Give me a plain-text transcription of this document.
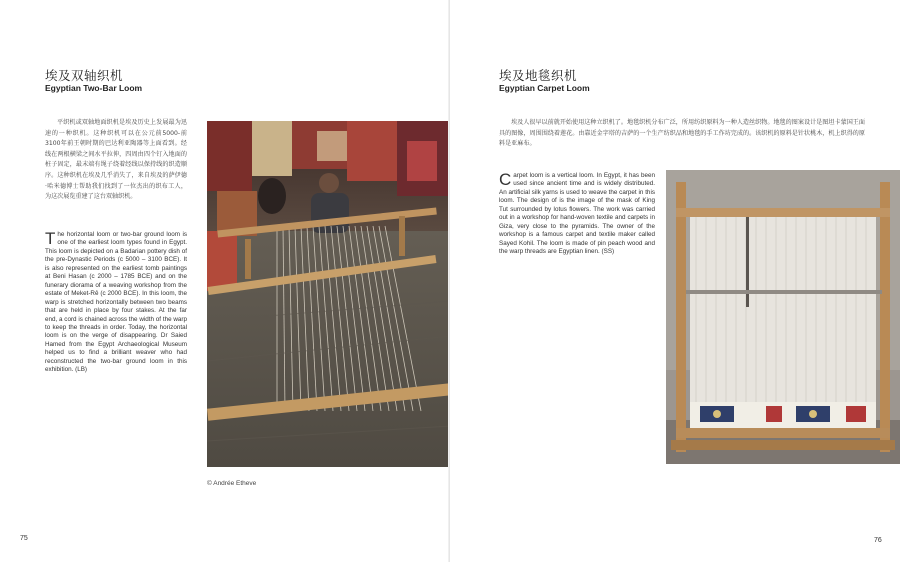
埃及双轴织机
Egyptian Two-Bar Loom

平织机或双轴地面织机是埃及历史上发展最为迅速的一种织机。这种织机可以在公元前5000-前3100年前王朝时期的巴达利亚陶器等上面看到。经线在两根横梁之间水平拉伸，四周由四个钉入地面的桩子固定，最末端有绳子绕着经线以保持线的织造顺序。这种织机在埃及几乎消失了，来自埃及的萨伊德·哈米德博士帮助我们找到了一位杰出的织布工人，为这次展览重建了这台双轴织机。

The horizontal loom or two-bar ground loom is one of the earliest loom types found in Egypt. This loom is depicted on a Badarian pottery dish of the pre-Dynastic Periods (c 5000 – 3100 BCE). It is also represented on the earliest tomb paintings at Beni Hasan (c 2000 – 1785 BCE) and on the funerary diorama of a weaving workshop from the estate of Meket-Rê (c 2000 BCE). In this loom, the warp is stretched horizontally between two beams that are held in place by four stakes. At the far end, a cord is chained across the width of the warp to keep the threads in order. Today, the horizontal loom is on the verge of disappearing. Dr Saied Hamed from the Egypt Archaeological Museum helped us to find a brilliant weaver who had reconstructed the two-bar ground loom in this exhibition. (LB)

© Andrée Etheve
75
埃及地毯织机
Egyptian Carpet Loom

埃及人很早以前就开始使用这种立织机了。地毯织机分布广泛，所用纺织原料为一种人造丝织物。地毯的图案设计是图坦卡蒙国王面具的图像，周围围绕着莲花。由靠近金字塔的吉萨的一个生产纺织品和地毯的手工作坊完成的。该织机的原料是针状桃木，机上织得的原料是亚麻布。

Carpet loom is a vertical loom. In Egypt, it has been used since ancient time and is widely distributed. An artificial silk yarns is used to weave the carpet in this loom. The design of is the image of the mask of King Tut surrounded by lotus flowers. The work was carried out in a workshop for hand-woven textile and carpets in Giza, very close to the pyramids. The owner of the workshop is a famous carpet and textile maker called Sayed Kohil. The loom is made of pin peach wood and the warp threads are Egyptian linen. (SS)

76
